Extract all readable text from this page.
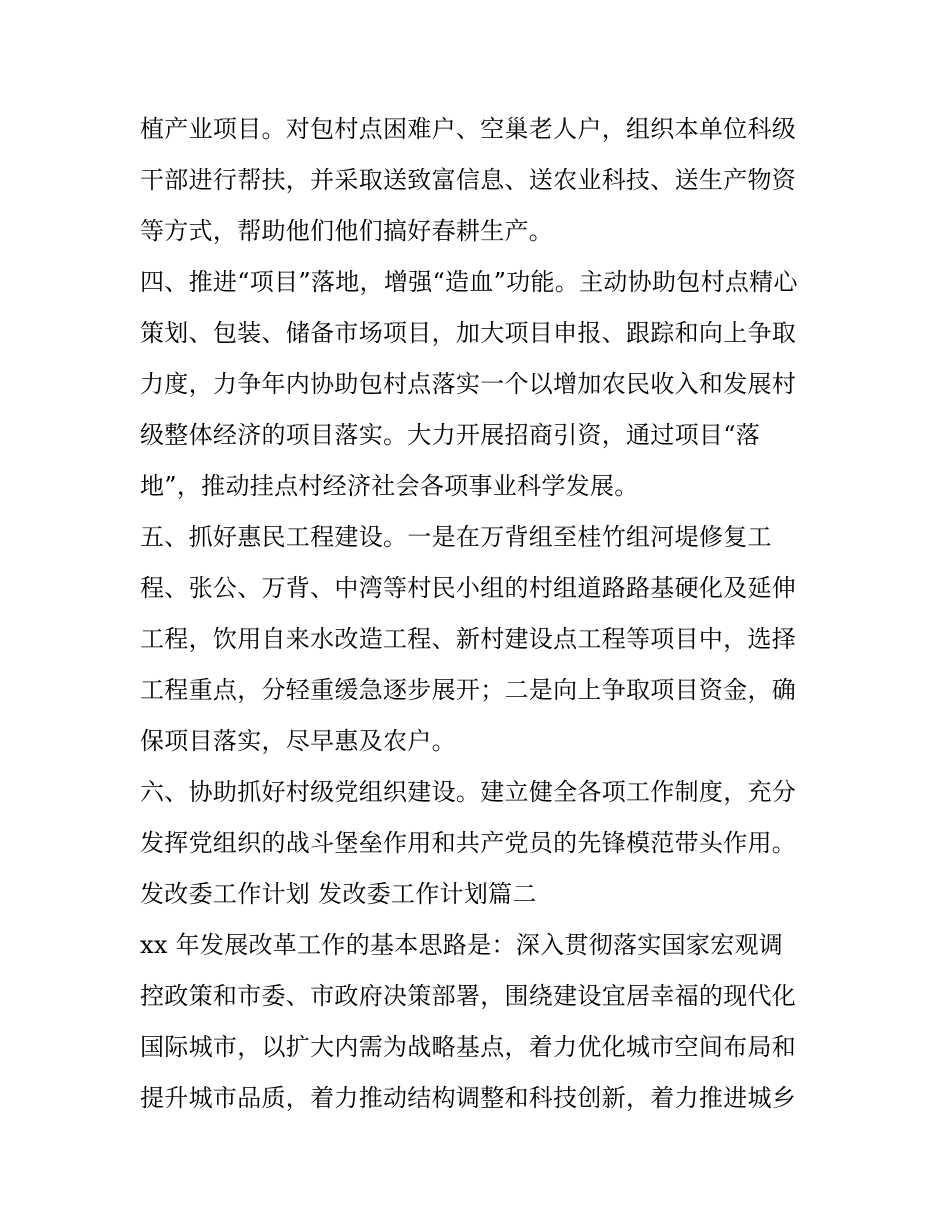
植产业项目。对包村点困难户、空巢老人户，组织本单位科级
干部进行帮扶，并采取送致富信息、送农业科技、送生产物资
等方式，帮助他们他们搞好春耕生产。
四、推进“项目”落地，增强“造血”功能。主动协助包村点精心
策划、包装、储备市场项目，加大项目申报、跟踪和向上争取
力度，力争年内协助包村点落实一个以增加农民收入和发展村
级整体经济的项目落实。大力开展招商引资，通过项目“落
地”，推动挂点村经济社会各项事业科学发展。
五、抓好惠民工程建设。一是在万背组至桂竹组河堤修复工
程、张公、万背、中湾等村民小组的村组道路路基硬化及延伸
工程，饮用自来水改造工程、新村建设点工程等项目中，选择
工程重点，分轻重缓急逐步展开；二是向上争取项目资金，确
保项目落实，尽早惠及农户。
六、协助抓好村级党组织建设。建立健全各项工作制度，充分
发挥党组织的战斗堡垒作用和共产党员的先锋模范带头作用。
发改委工作计划 发改委工作计划篇二
xx 年发展改革工作的基本思路是：深入贯彻落实国家宏观调
控政策和市委、市政府决策部署，围绕建设宜居幸福的现代化
国际城市，以扩大内需为战略基点，着力优化城市空间布局和
提升城市品质，着力推动结构调整和科技创新，着力推进城乡
